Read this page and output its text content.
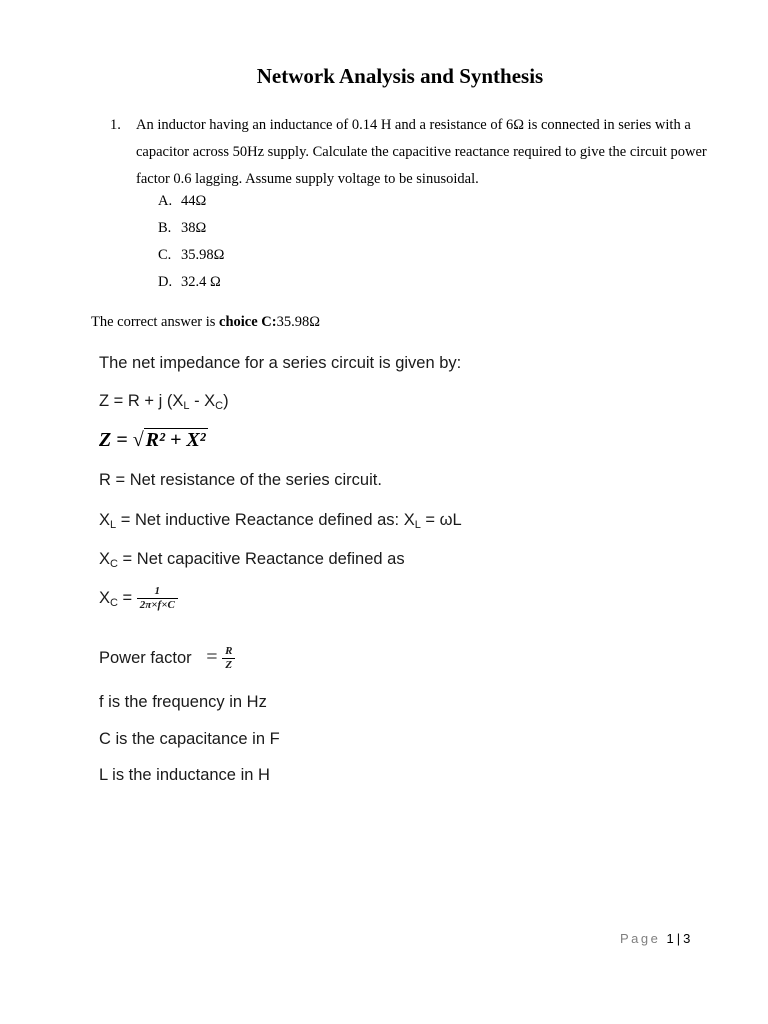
Network Analysis and Synthesis
1. An inductor having an inductance of 0.14 H and a resistance of 6Ω is connected in series with a capacitor across 50Hz supply. Calculate the capacitive reactance required to give the circuit power factor 0.6 lagging. Assume supply voltage to be sinusoidal.
A. 44Ω
B. 38Ω
C. 35.98Ω
D. 32.4 Ω
The correct answer is choice C:35.98Ω
The net impedance for a series circuit is given by:
Z = R + j $(X_L - X_C)$
Z = √ R² + X²
R = Net resistance of the series circuit.
$X_L$ = Net inductive Reactance defined as: $X_L = \omega L$
$X_C$ = Net capacitive Reactance defined as
$X_C = \frac{1}{2\pi\times f\times C}$
Power factor = $\frac{R}{Z}$
f is the frequency in Hz
C is the capacitance in F
L is the inductance in H
Page 1 | 3
